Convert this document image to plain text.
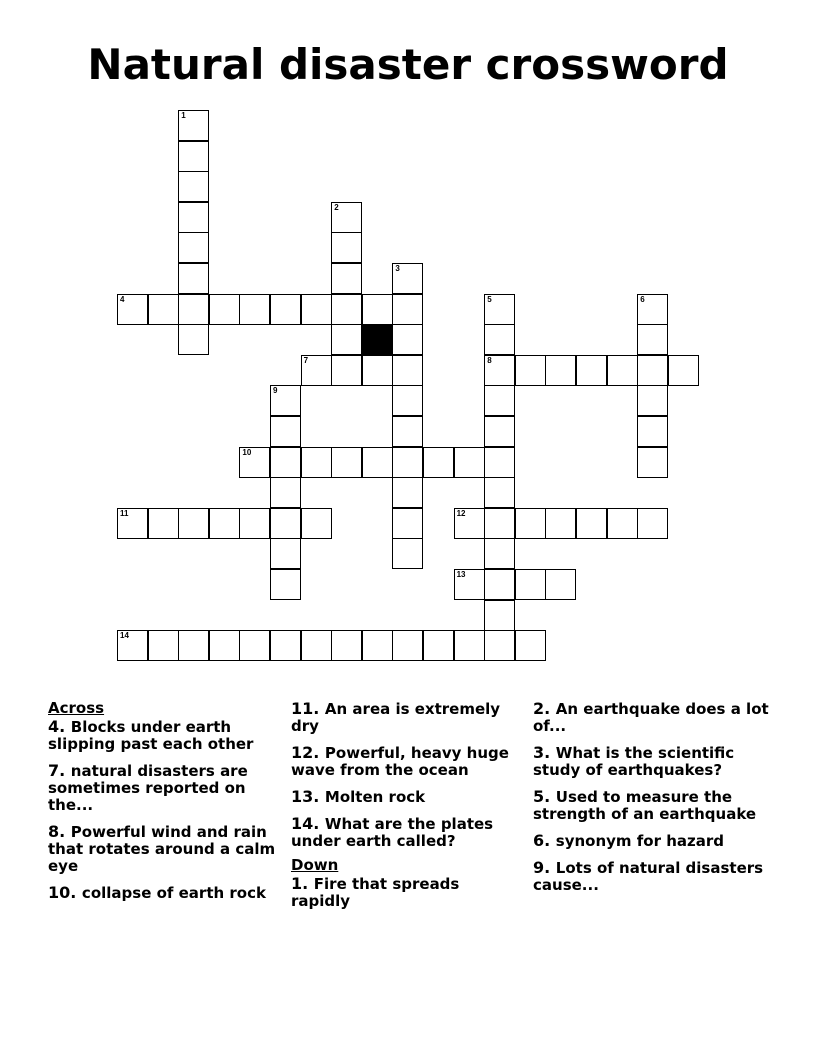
Natural disaster crossword
1
2
3
4	5
8
6
7
9
10
11	12
13
14
Across
4. Blocks under earth slipping past each other
7. natural disasters are sometimes reported on the...
8. Powerful wind and rain that rotates around a calm eye
10. collapse of earth rock
11. An area is extremely dry
12. Powerful, heavy huge wave from the ocean
13. Molten rock
14. What are the plates under earth called?
Down
1. Fire that spreads rapidly
2. An earthquake does a lot of...
3. What is the scientific study of earthquakes?
5. Used to measure the strength of an earthquake
6. synonym for hazard
9. Lots of natural disasters cause...
